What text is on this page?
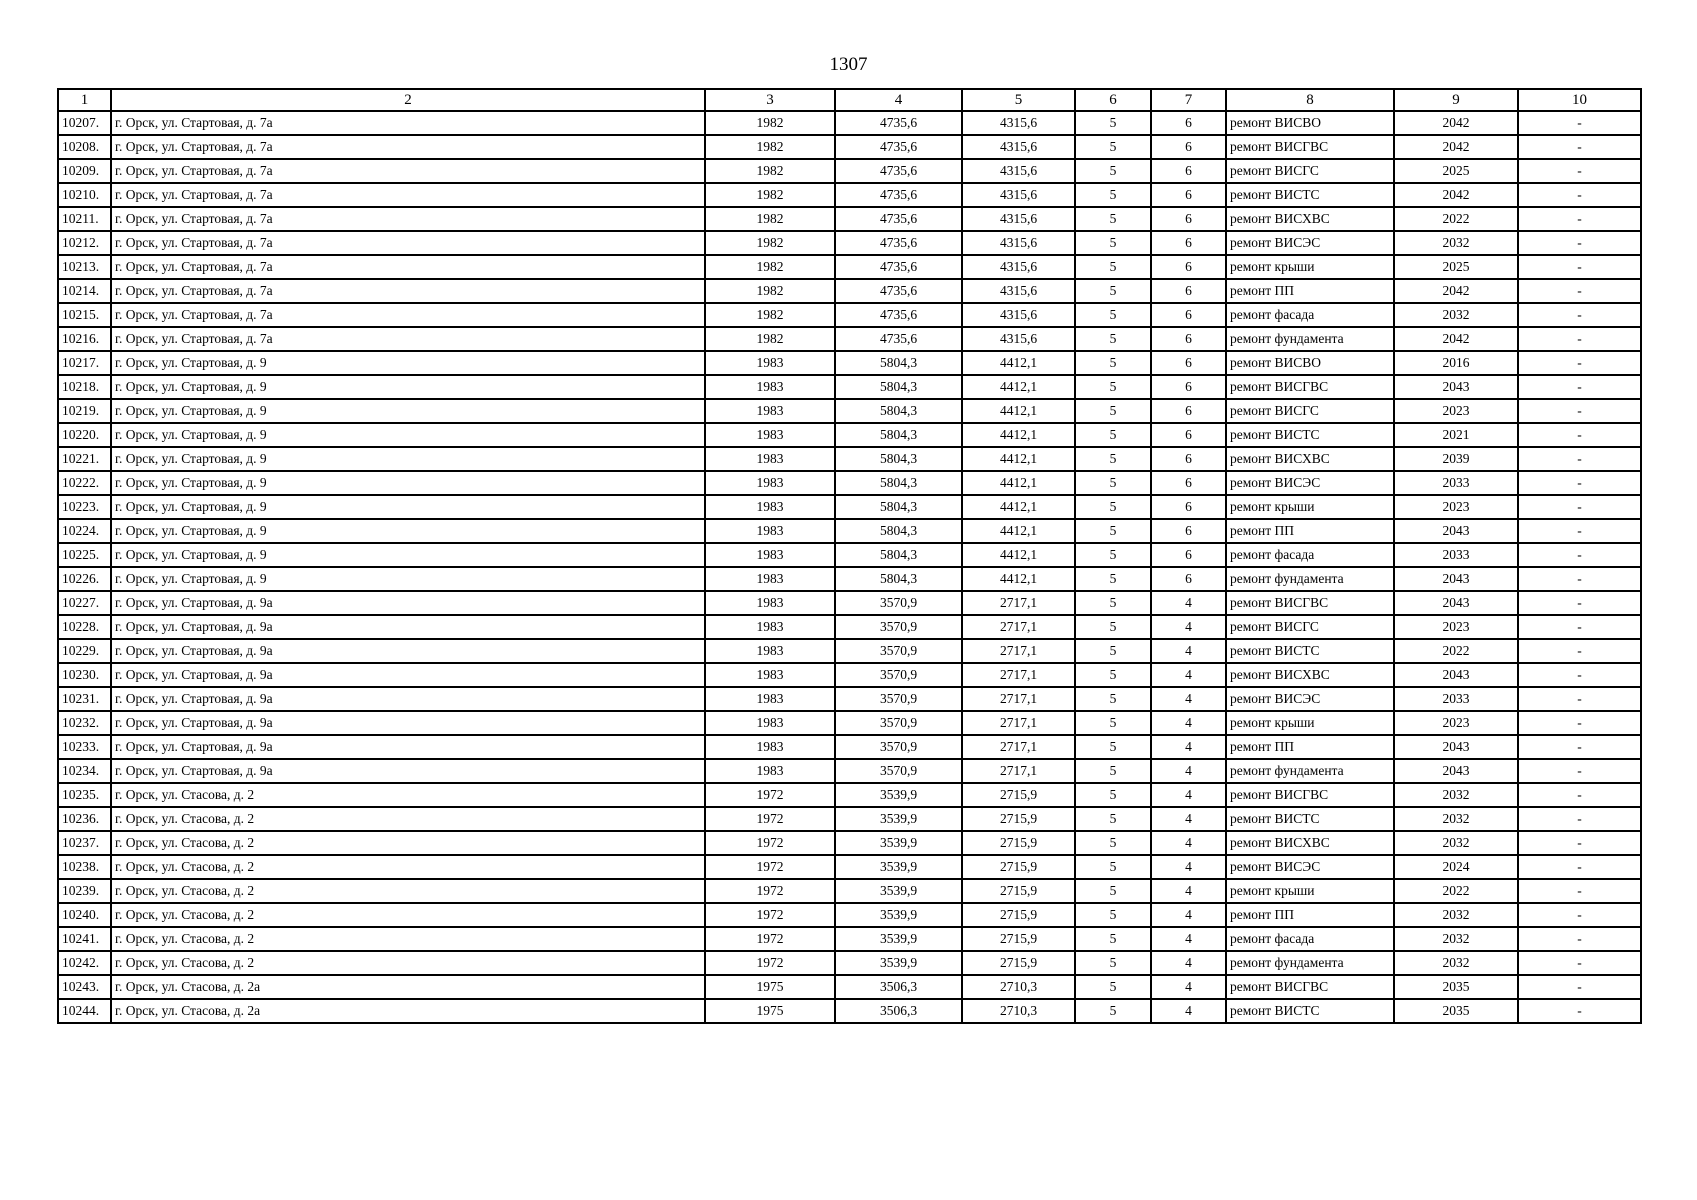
1307
1	2	3	4	5	6	7	8	9	10
10207.	г. Орск, ул. Стартовая, д. 7а	1982	4735,6	4315,6	5	6	ремонт ВИСВО	2042	-
10208.	г. Орск, ул. Стартовая, д. 7а	1982	4735,6	4315,6	5	6	ремонт ВИСГВС	2042	-
10209.	г. Орск, ул. Стартовая, д. 7а	1982	4735,6	4315,6	5	6	ремонт ВИСГС	2025	-
10210.	г. Орск, ул. Стартовая, д. 7а	1982	4735,6	4315,6	5	6	ремонт ВИСТС	2042	-
10211.	г. Орск, ул. Стартовая, д. 7а	1982	4735,6	4315,6	5	6	ремонт ВИСХВС	2022	-
10212.	г. Орск, ул. Стартовая, д. 7а	1982	4735,6	4315,6	5	6	ремонт ВИСЭС	2032	-
10213.	г. Орск, ул. Стартовая, д. 7а	1982	4735,6	4315,6	5	6	ремонт крыши	2025	-
10214.	г. Орск, ул. Стартовая, д. 7а	1982	4735,6	4315,6	5	6	ремонт ПП	2042	-
10215.	г. Орск, ул. Стартовая, д. 7а	1982	4735,6	4315,6	5	6	ремонт фасада	2032	-
10216.	г. Орск, ул. Стартовая, д. 7а	1982	4735,6	4315,6	5	6	ремонт фундамента	2042	-
10217.	г. Орск, ул. Стартовая, д. 9	1983	5804,3	4412,1	5	6	ремонт ВИСВО	2016	-
10218.	г. Орск, ул. Стартовая, д. 9	1983	5804,3	4412,1	5	6	ремонт ВИСГВС	2043	-
10219.	г. Орск, ул. Стартовая, д. 9	1983	5804,3	4412,1	5	6	ремонт ВИСГС	2023	-
10220.	г. Орск, ул. Стартовая, д. 9	1983	5804,3	4412,1	5	6	ремонт ВИСТС	2021	-
10221.	г. Орск, ул. Стартовая, д. 9	1983	5804,3	4412,1	5	6	ремонт ВИСХВС	2039	-
10222.	г. Орск, ул. Стартовая, д. 9	1983	5804,3	4412,1	5	6	ремонт ВИСЭС	2033	-
10223.	г. Орск, ул. Стартовая, д. 9	1983	5804,3	4412,1	5	6	ремонт крыши	2023	-
10224.	г. Орск, ул. Стартовая, д. 9	1983	5804,3	4412,1	5	6	ремонт ПП	2043	-
10225.	г. Орск, ул. Стартовая, д. 9	1983	5804,3	4412,1	5	6	ремонт фасада	2033	-
10226.	г. Орск, ул. Стартовая, д. 9	1983	5804,3	4412,1	5	6	ремонт фундамента	2043	-
10227.	г. Орск, ул. Стартовая, д. 9а	1983	3570,9	2717,1	5	4	ремонт ВИСГВС	2043	-
10228.	г. Орск, ул. Стартовая, д. 9а	1983	3570,9	2717,1	5	4	ремонт ВИСГС	2023	-
10229.	г. Орск, ул. Стартовая, д. 9а	1983	3570,9	2717,1	5	4	ремонт ВИСТС	2022	-
10230.	г. Орск, ул. Стартовая, д. 9а	1983	3570,9	2717,1	5	4	ремонт ВИСХВС	2043	-
10231.	г. Орск, ул. Стартовая, д. 9а	1983	3570,9	2717,1	5	4	ремонт ВИСЭС	2033	-
10232.	г. Орск, ул. Стартовая, д. 9а	1983	3570,9	2717,1	5	4	ремонт крыши	2023	-
10233.	г. Орск, ул. Стартовая, д. 9а	1983	3570,9	2717,1	5	4	ремонт ПП	2043	-
10234.	г. Орск, ул. Стартовая, д. 9а	1983	3570,9	2717,1	5	4	ремонт фундамента	2043	-
10235.	г. Орск, ул. Стасова, д. 2	1972	3539,9	2715,9	5	4	ремонт ВИСГВС	2032	-
10236.	г. Орск, ул. Стасова, д. 2	1972	3539,9	2715,9	5	4	ремонт ВИСТС	2032	-
10237.	г. Орск, ул. Стасова, д. 2	1972	3539,9	2715,9	5	4	ремонт ВИСХВС	2032	-
10238.	г. Орск, ул. Стасова, д. 2	1972	3539,9	2715,9	5	4	ремонт ВИСЭС	2024	-
10239.	г. Орск, ул. Стасова, д. 2	1972	3539,9	2715,9	5	4	ремонт крыши	2022	-
10240.	г. Орск, ул. Стасова, д. 2	1972	3539,9	2715,9	5	4	ремонт ПП	2032	-
10241.	г. Орск, ул. Стасова, д. 2	1972	3539,9	2715,9	5	4	ремонт фасада	2032	-
10242.	г. Орск, ул. Стасова, д. 2	1972	3539,9	2715,9	5	4	ремонт фундамента	2032	-
10243.	г. Орск, ул. Стасова, д. 2а	1975	3506,3	2710,3	5	4	ремонт ВИСГВС	2035	-
10244.	г. Орск, ул. Стасова, д. 2а	1975	3506,3	2710,3	5	4	ремонт ВИСТС	2035	-
